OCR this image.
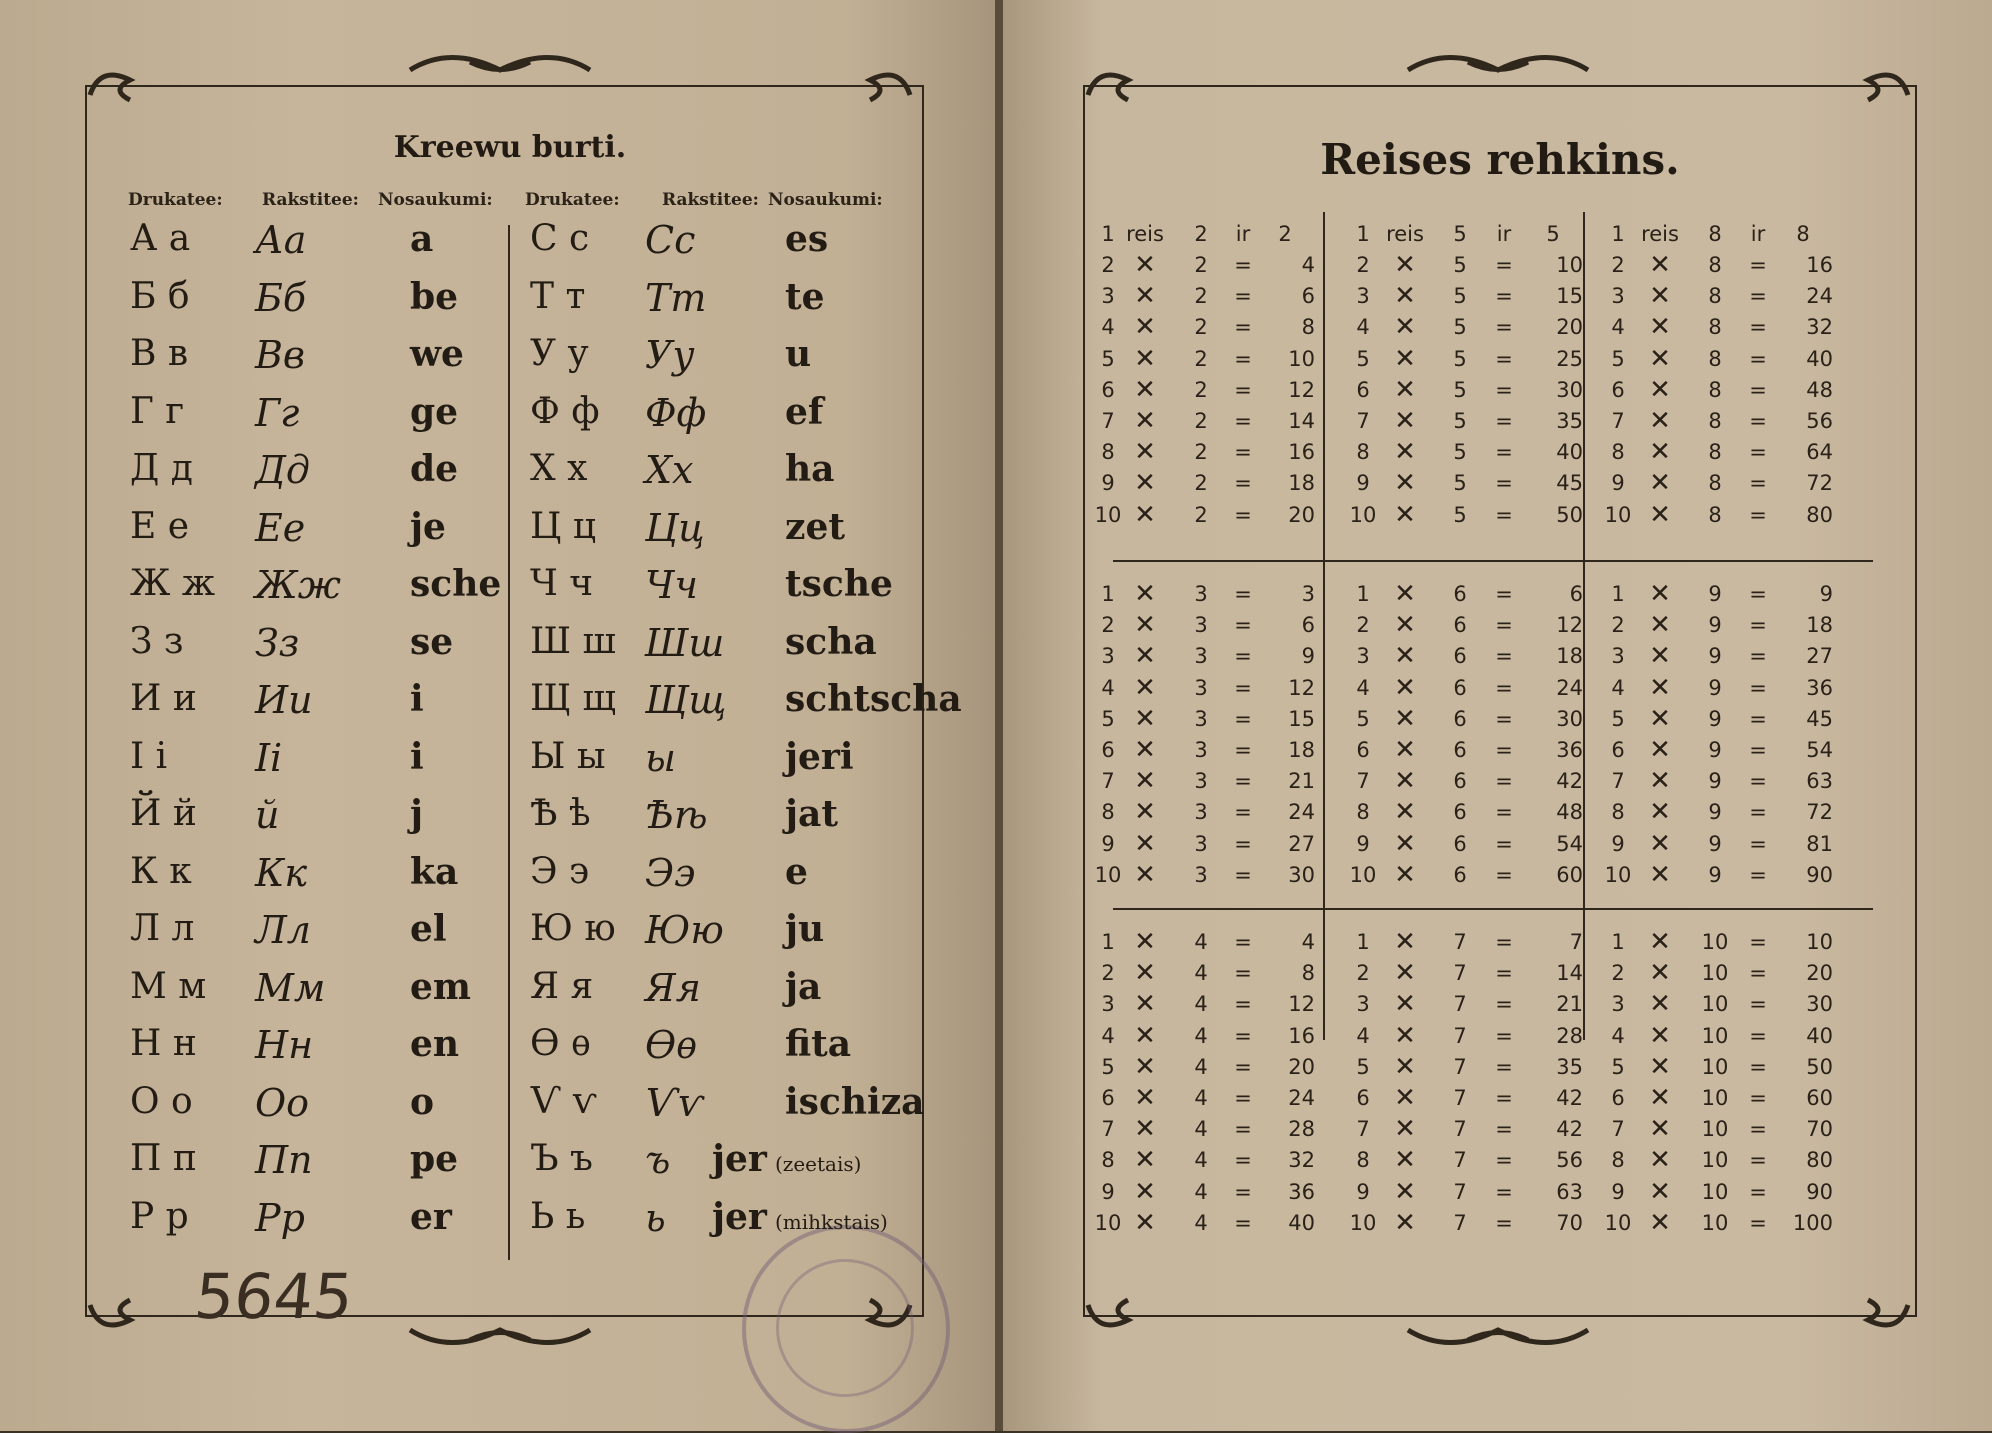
Kreewu burti.
5645
Drukatee: Rakstitee: Nosaukumi: Drukatee: Rakstitee: Nosaukumi:
А а Аа	a
Б б Бб	be
В в Вв	we
Г г Гг	ge
Д д Дд	de
Е е Ее	je
Ж ж Жж sche
З з Зз	se
И и Ии	i
І і Іі	i
Й й й	j
К к Кк	ka
Л л Лл	el
М м Мм em
Н н Нн	en
О о Оо	o
П п Пп	pe
Р р Рр	er
С с Сс es
Т т Тт te
У у Уу	u
Ф ф Фф ef
Х х Хх	ha
Ц ц Цц zet
Ч ч Чч tsche
Ш ш Шш scha
Щ щ Щщ schtscha
Ы ы ы	jeri
Ѣ ѣ Ѣѣ jat
Э э Ээ e
Ю ю Юю ju
Я я Яя ja
Ѳ ѳ Ѳѳ fita
Ѵ ѵ Ѵѵ ischiza
Ъ ъ ъ jer (zeetais)
Ь ь ь jer (mihkstais)
Reises rehkins.
1 reis	2	ir	2	1 reis	5	ir	5	1 reis	8	ir	8
2 ✕	2	=	4
3 ✕	2	=	6
4 ✕	2	=	8
5 ✕	2	=	10
6 ✕	2	=	12
7 ✕	2	=	14
8 ✕	2	=	16
9 ✕	2	=	18
10 ✕	2	=	20
2 ✕	5	=	10
3 ✕	5	=	15
4 ✕	5	=	20
5 ✕	5	=	25
6 ✕	5	=	30
7 ✕	5	=	35
8 ✕	5	=	40
9 ✕	5	=	45
10 ✕	5	=	50
2 ✕	8	=	16
3 ✕	8	=	24
4 ✕	8	=	32
5 ✕	8	=	40
6 ✕	8	=	48
7 ✕	8	=	56
8 ✕	8	=	64
9 ✕	8	=	72
10 ✕	8	=	80
1 ✕	3	=	3
2 ✕	3	=	6
3 ✕	3	=	9
4 ✕	3	=	12
5 ✕	3	=	15
6 ✕	3	=	18
7 ✕	3	=	21
8 ✕	3	=	24
9 ✕	3	=	27
10 ✕	3	=	30
1 ✕	6	=	6
2 ✕	6	=	12
3 ✕	6	=	18
4 ✕	6	=	24
5 ✕	6	=	30
6 ✕	6	=	36
7 ✕	6	=	42
8 ✕	6	=	48
9 ✕	6	=	54
10 ✕	6	=	60
1 ✕	9	=	9
2 ✕	9	=	18
3 ✕	9	=	27
4 ✕	9	=	36
5 ✕	9	=	45
6 ✕	9	=	54
7 ✕	9	=	63
8 ✕	9	=	72
9 ✕	9	=	81
10 ✕	9	=	90
1 ✕	4	=	4
2 ✕	4	=	8
3 ✕	4	=	12
4 ✕	4	=	16
5 ✕	4	=	20
6 ✕	4	=	24
7 ✕	4	=	28
8 ✕	4	=	32
9 ✕	4	=	36
10 ✕	4	=	40
1 ✕	7	=	7
2 ✕	7	=	14
3 ✕	7	=	21
4 ✕	7	=	28
5 ✕	7	=	35
6 ✕	7	=	42
7 ✕	7	=	42
8 ✕	7	=	56
9 ✕	7	=	63
10 ✕	7	=	70
1 ✕	10 =	10
2 ✕	10 =	20
3 ✕	10 =	30
4 ✕	10 =	40
5 ✕	10 =	50
6 ✕	10 =	60
7 ✕	10 =	70
8 ✕	10 =	80
9 ✕	10 =	90
10 ✕	10 =	100
